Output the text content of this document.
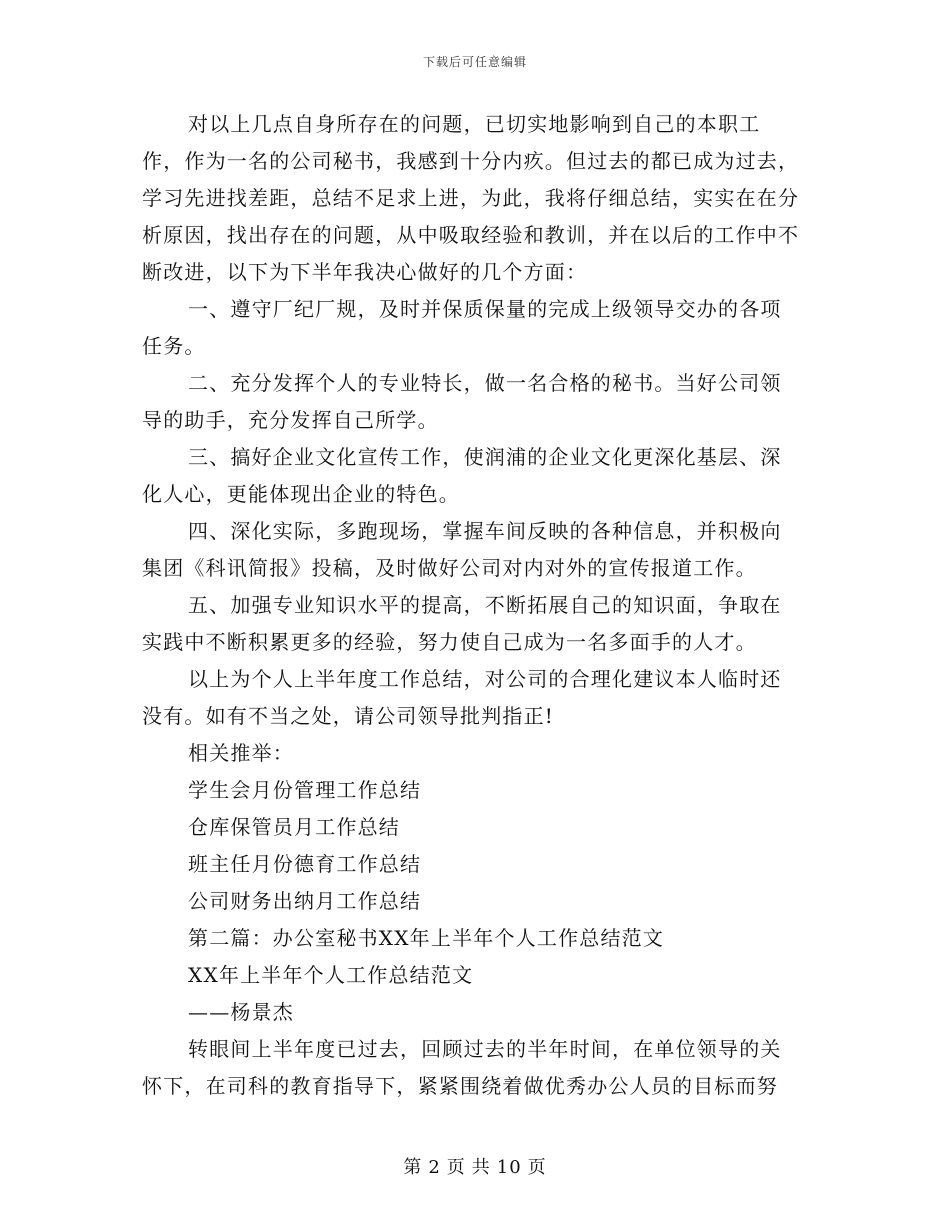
下载后可任意编辑

对以上几点自身所存在的问题，已切实地影响到自己的本职工作，作为一名的公司秘书，我感到十分内疚。但过去的都已成为过去，学习先进找差距，总结不足求上进，为此，我将仔细总结，实实在在分析原因，找出存在的问题，从中吸取经验和教训，并在以后的工作中不断改进，以下为下半年我决心做好的几个方面：

一、遵守厂纪厂规，及时并保质保量的完成上级领导交办的各项任务。

二、充分发挥个人的专业特长，做一名合格的秘书。当好公司领导的助手，充分发挥自己所学。

三、搞好企业文化宣传工作，使润浦的企业文化更深化基层、深化人心，更能体现出企业的特色。

四、深化实际，多跑现场，掌握车间反映的各种信息，并积极向集团《科讯简报》投稿，及时做好公司对内对外的宣传报道工作。

五、加强专业知识水平的提高，不断拓展自己的知识面，争取在实践中不断积累更多的经验，努力使自己成为一名多面手的人才。

以上为个人上半年度工作总结，对公司的合理化建议本人临时还没有。如有不当之处，请公司领导批判指正!

相关推举：

学生会月份管理工作总结

仓库保管员月工作总结

班主任月份德育工作总结

公司财务出纳月工作总结

第二篇：办公室秘书XX年上半年个人工作总结范文

XX年上半年个人工作总结范文

——杨景杰

转眼间上半年度已过去，回顾过去的半年时间，在单位领导的关怀下，在司科的教育指导下，紧紧围绕着做优秀办公人员的目标而努

第 2 页 共 10 页
